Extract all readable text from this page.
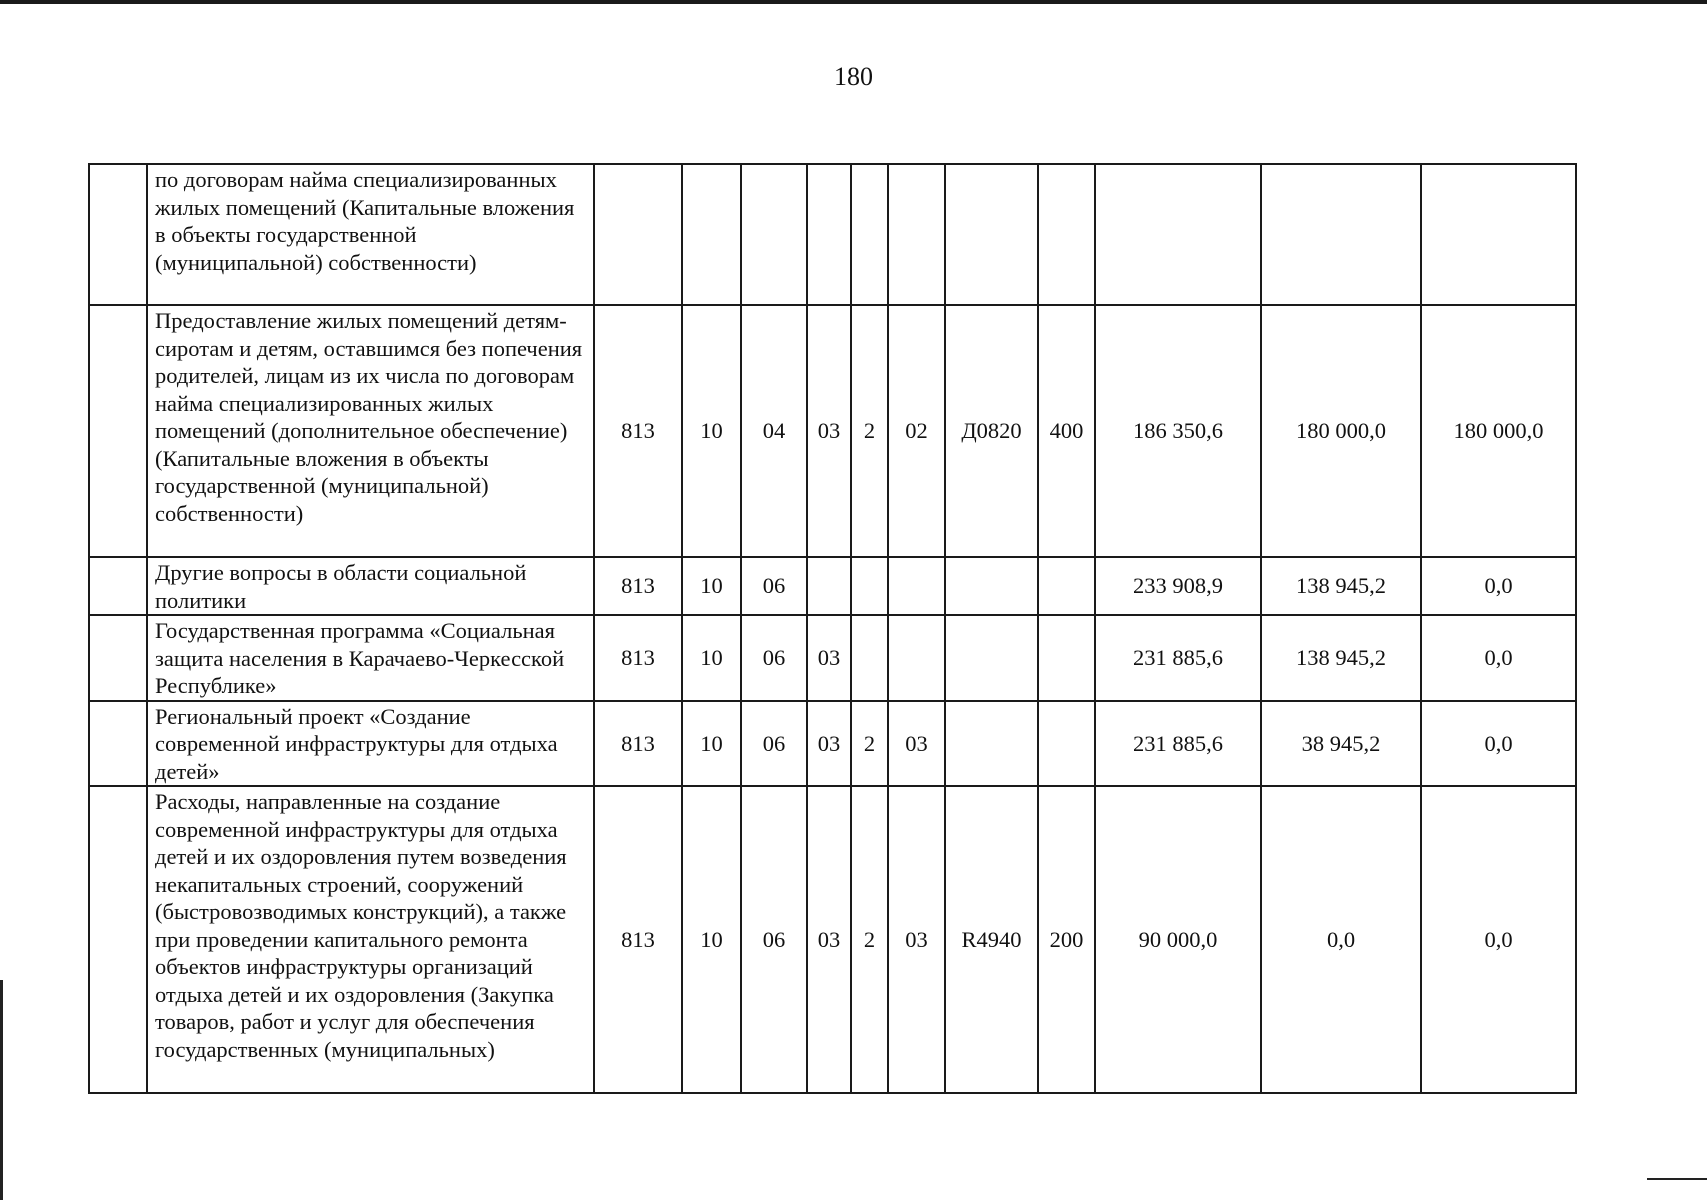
180
	по договорам найма специализированных жилых помещений (Капитальные вложения в объекты государственной (муниципальной) собственности)											
	Предоставление жилых помещений детям-сиротам и детям, оставшимся без попечения родителей, лицам из их числа по договорам найма специализированных жилых помещений (дополнительное обеспечение) (Капитальные вложения в объекты государственной (муниципальной) собственности)	813	10	04	03	2	02	Д0820	400	186 350,6	180 000,0	180 000,0
	Другие вопросы в области социальной политики	813	10	06						233 908,9	138 945,2	0,0
	Государственная программа «Социальная защита населения в Карачаево-Черкесской Республике»	813	10	06	03					231 885,6	138 945,2	0,0
	Региональный проект «Создание современной инфраструктуры для отдыха детей»	813	10	06	03	2	03			231 885,6	38 945,2	0,0
	Расходы, направленные на создание современной инфраструктуры для отдыха детей и их оздоровления путем возведения некапитальных строений, сооружений (быстровозводимых конструкций), а также при проведении капитального ремонта объектов инфраструктуры организаций отдыха детей и их оздоровления (Закупка товаров, работ и услуг для обеспечения государственных (муниципальных)	813	10	06	03	2	03	R4940	200	90 000,0	0,0	0,0
